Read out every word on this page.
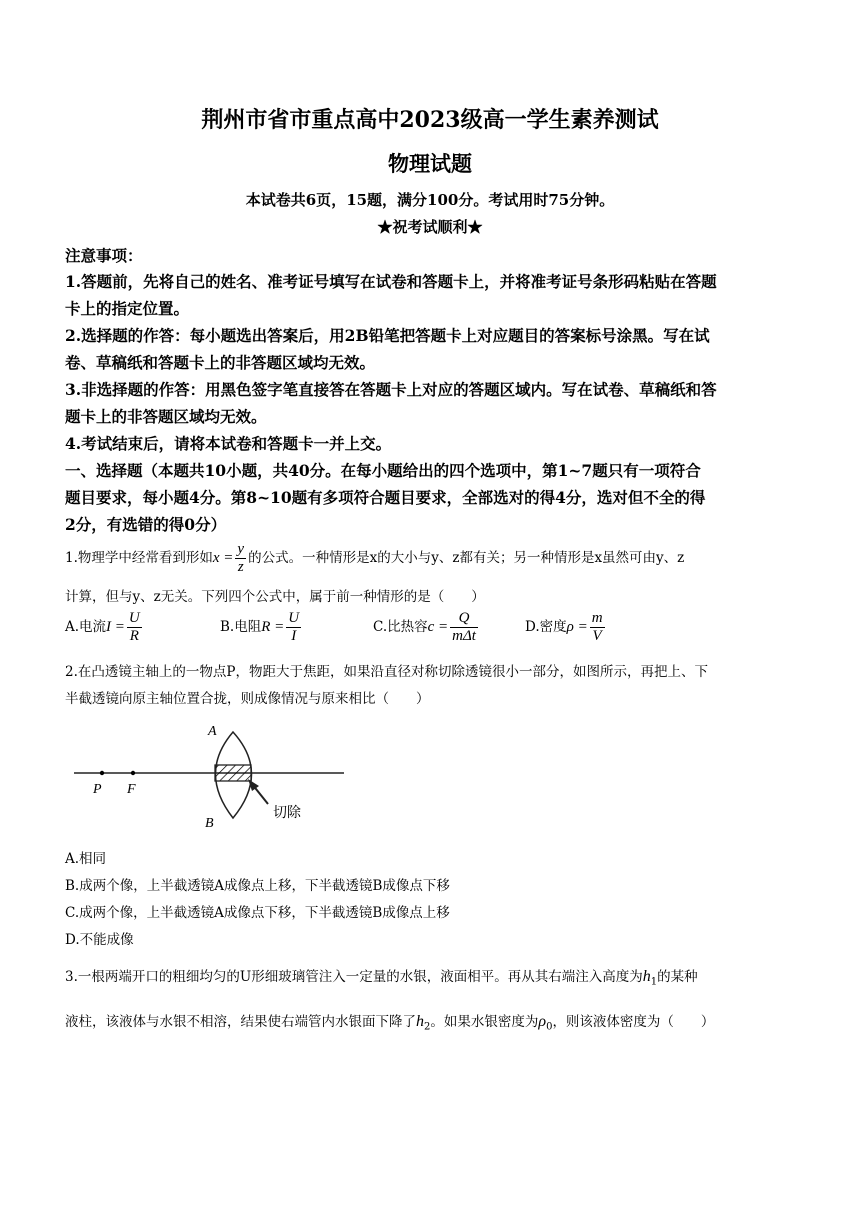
荆州市省市重点高中2023级高一学生素养测试
物理试题
本试卷共6页，15题，满分100分。考试用时75分钟。
★祝考试顺利★
注意事项：
1.答题前，先将自己的姓名、准考证号填写在试卷和答题卡上，并将准考证号条形码粘贴在答题
卡上的指定位置。
2.选择题的作答：每小题选出答案后，用2B铅笔把答题卡上对应题目的答案标号涂黑。写在试
卷、草稿纸和答题卡上的非答题区域均无效。
3.非选择题的作答：用黑色签字笔直接答在答题卡上对应的答题区域内。写在试卷、草稿纸和答
题卡上的非答题区域均无效。
4.考试结束后，请将本试卷和答题卡一并上交。
一、选择题（本题共10小题，共40分。在每小题给出的四个选项中，第1~7题只有一项符合
题目要求，每小题4分。第8~10题有多项符合题目要求，全部选对的得4分，选对但不全的得
2分，有选错的得0分）
1.物理学中经常看到形如$x = \frac{y}{z}$ 的公式。一种情形是x的大小与y、z都有关；另一种情形是x虽然可由y、z
计算，但与y、z无关。下列四个公式中，属于前一种情形的是（　　）
A.电流$I = \frac{U}{R}$	B.电阻$R = \frac{U}{I}$	C.比热容$c = \frac{Q}{\text{mΔt}}$	D.密度$\rho = \frac{m}{V}$
2.在凸透镜主轴上的一物点P，物距大于焦距，如果沿直径对称切除透镜很小一部分，如图所示，再把上、下
半截透镜向原主轴位置合拢，则成像情况与原来相比（　　）
A
B
P F
切除
A.相同
B.成两个像，上半截透镜A成像点上移，下半截透镜B成像点下移
C.成两个像，上半截透镜A成像点下移，下半截透镜B成像点上移
D.不能成像
3.一根两端开口的粗细均匀的U形细玻璃管注入一定量的水银，液面相平。再从其右端注入高度为$h_1$的某种
液柱，该液体与水银不相溶，结果使右端管内水银面下降了$h_2$。如果水银密度为$\rho_0$，则该液体密度为（　　）
